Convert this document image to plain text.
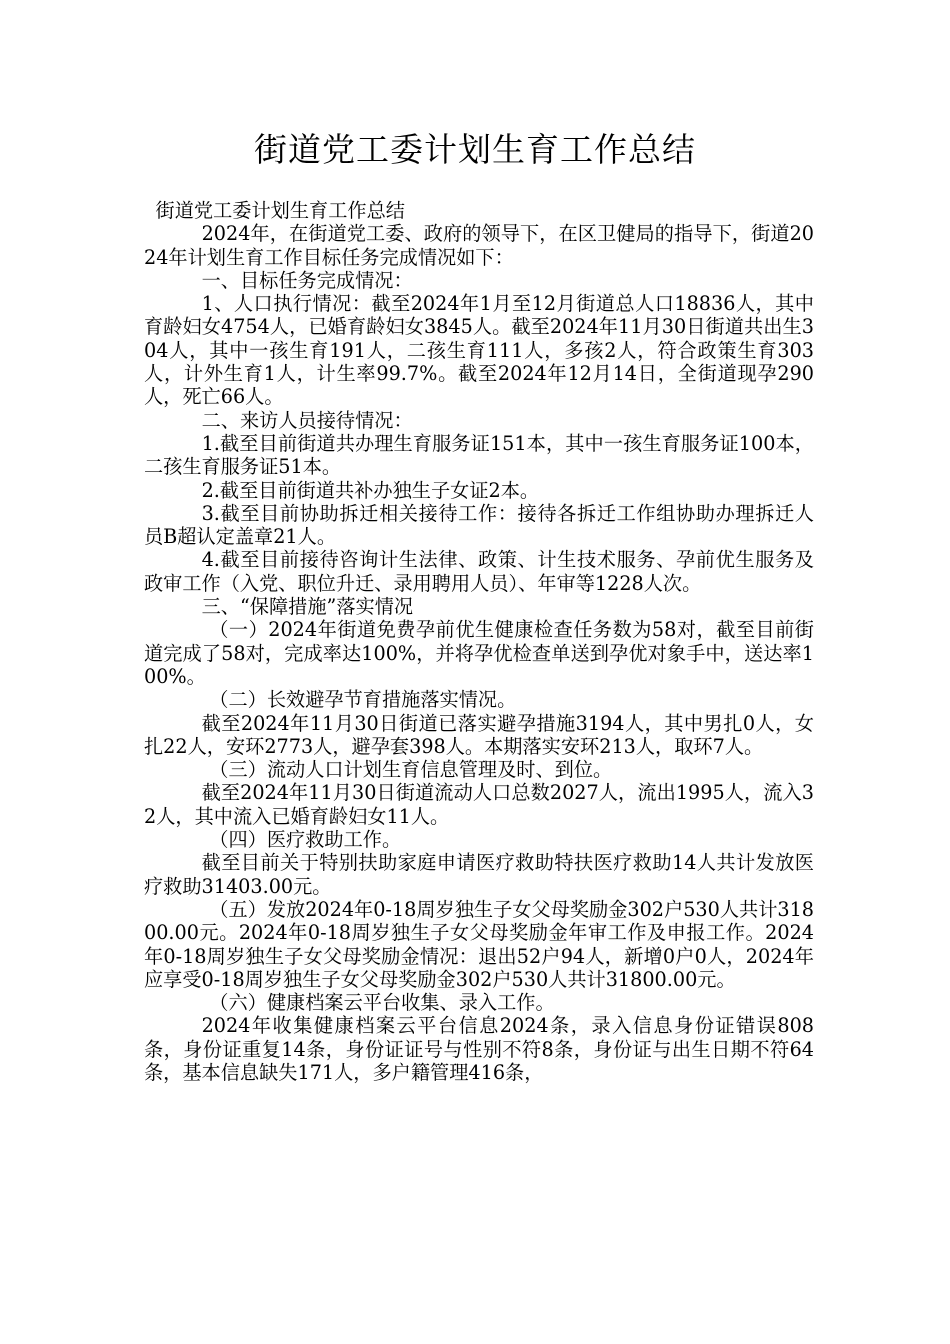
街道党工委计划生育工作总结

街道党工委计划生育工作总结

2024年，在街道党工委、政府的领导下，在区卫健局的指导下，街道2024年计划生育工作目标任务完成情况如下：

一、目标任务完成情况：

1、人口执行情况：截至2024年1月至12月街道总人口18836人，其中育龄妇女4754人，已婚育龄妇女3845人。截至2024年11月30日街道共出生304人，其中一孩生育191人，二孩生育111人，多孩2人，符合政策生育303人，计外生育1人，计生率99.7%。截至2024年12月14日，全街道现孕290人，死亡66人。

二、来访人员接待情况：

1.截至目前街道共办理生育服务证151本，其中一孩生育服务证100本，二孩生育服务证51本。

2.截至目前街道共补办独生子女证2本。

3.截至目前协助拆迁相关接待工作：接待各拆迁工作组协助办理拆迁人员B超认定盖章21人。

4.截至目前接待咨询计生法律、政策、计生技术服务、孕前优生服务及政审工作（入党、职位升迁、录用聘用人员）、年审等1228人次。

三、“保障措施”落实情况

（一）2024年街道免费孕前优生健康检查任务数为58对，截至目前街道完成了58对，完成率达100%，并将孕优检查单送到孕优对象手中，送达率100%。

（二）长效避孕节育措施落实情况。

截至2024年11月30日街道已落实避孕措施3194人，其中男扎0人，女扎22人，安环2773人，避孕套398人。本期落实安环213人，取环7人。

（三）流动人口计划生育信息管理及时、到位。

截至2024年11月30日街道流动人口总数2027人，流出1995人，流入32人，其中流入已婚育龄妇女11人。

（四）医疗救助工作。

截至目前关于特别扶助家庭申请医疗救助特扶医疗救助14人共计发放医疗救助31403.00元。

（五）发放2024年0-18周岁独生子女父母奖励金302户530人共计31800.00元。2024年0-18周岁独生子女父母奖励金年审工作及申报工作。2024年0-18周岁独生子女父母奖励金情况：退出52户94人，新增0户0人，2024年应享受0-18周岁独生子女父母奖励金302户530人共计31800.00元。

（六）健康档案云平台收集、录入工作。

2024年收集健康档案云平台信息2024条，录入信息身份证错误808条，身份证重复14条，身份证证号与性别不符8条，身份证与出生日期不符64条，基本信息缺失171人，多户籍管理416条，
